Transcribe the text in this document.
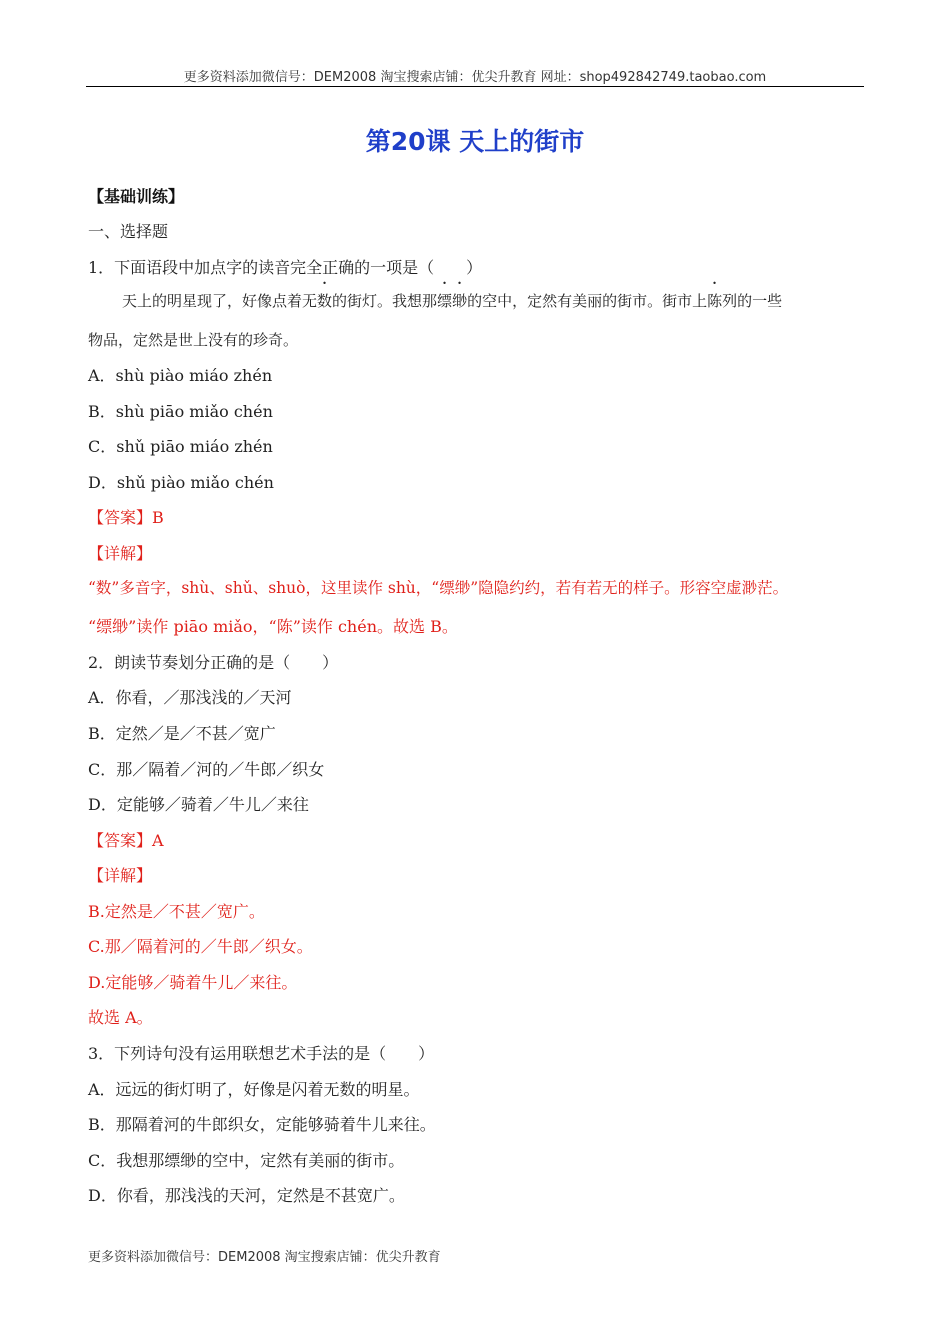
更多资料添加微信号：DEM2008 淘宝搜索店铺：优尖升教育 网址：shop492842749.taobao.com
第20课 天上的街市
【基础训练】
一、选择题
1．下面语段中加点字的读音完全正确的一项是（　　）
天上的明星现了，好像点着无数的街灯。我想那缥缈的空中，定然有美丽的街市。街市上陈列的一些
物品，定然是世上没有的珍奇。
A．shù piào miáo zhén
B．shù piāo miǎo chén
C．shǔ piāo miáo zhén
D．shǔ piào miǎo chén
【答案】B
【详解】
“数”多音字，shù、shǔ、shuò，这里读作 shù，“缥缈”隐隐约约，若有若无的样子。形容空虚渺茫。
“缥缈”读作 piāo miǎo，“陈”读作 chén。故选 B。
2．朗读节奏划分正确的是（　　）
A．你看，／那浅浅的／天河
B．定然／是／不甚／宽广
C．那／隔着／河的／牛郎／织女
D．定能够／骑着／牛儿／来往
【答案】A
【详解】
B.定然是／不甚／宽广。
C.那／隔着河的／牛郎／织女。
D.定能够／骑着牛儿／来往。
故选 A。
3．下列诗句没有运用联想艺术手法的是（　　）
A．远远的街灯明了，好像是闪着无数的明星。
B．那隔着河的牛郎织女，定能够骑着牛儿来往。
C．我想那缥缈的空中，定然有美丽的街市。
D．你看，那浅浅的天河，定然是不甚宽广。
更多资料添加微信号：DEM2008 淘宝搜索店铺：优尖升教育
